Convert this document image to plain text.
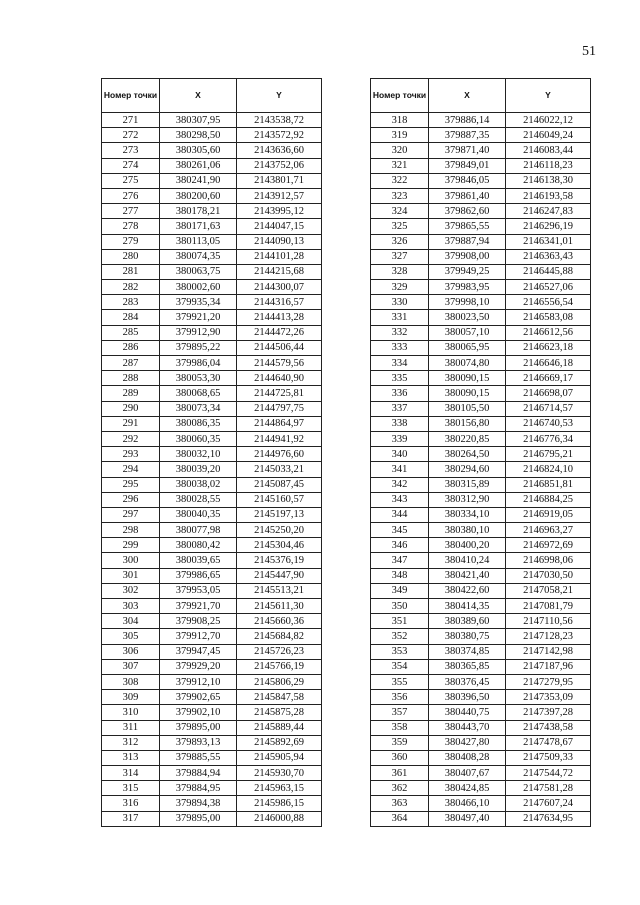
51
Номер точки	X	Y
271	380307,95	2143538,72
272	380298,50	2143572,92
273	380305,60	2143636,60
274	380261,06	2143752,06
275	380241,90	2143801,71
276	380200,60	2143912,57
277	380178,21	2143995,12
278	380171,63	2144047,15
279	380113,05	2144090,13
280	380074,35	2144101,28
281	380063,75	2144215,68
282	380002,60	2144300,07
283	379935,34	2144316,57
284	379921,20	2144413,28
285	379912,90	2144472,26
286	379895,22	2144506,44
287	379986,04	2144579,56
288	380053,30	2144640,90
289	380068,65	2144725,81
290	380073,34	2144797,75
291	380086,35	2144864,97
292	380060,35	2144941,92
293	380032,10	2144976,60
294	380039,20	2145033,21
295	380038,02	2145087,45
296	380028,55	2145160,57
297	380040,35	2145197,13
298	380077,98	2145250,20
299	380080,42	2145304,46
300	380039,65	2145376,19
301	379986,65	2145447,90
302	379953,05	2145513,21
303	379921,70	2145611,30
304	379908,25	2145660,36
305	379912,70	2145684,82
306	379947,45	2145726,23
307	379929,20	2145766,19
308	379912,10	2145806,29
309	379902,65	2145847,58
310	379902,10	2145875,28
311	379895,00	2145889,44
312	379893,13	2145892,69
313	379885,55	2145905,94
314	379884,94	2145930,70
315	379884,95	2145963,15
316	379894,38	2145986,15
317	379895,00	2146000,88
Номер точки	X	Y
318	379886,14	2146022,12
319	379887,35	2146049,24
320	379871,40	2146083,44
321	379849,01	2146118,23
322	379846,05	2146138,30
323	379861,40	2146193,58
324	379862,60	2146247,83
325	379865,55	2146296,19
326	379887,94	2146341,01
327	379908,00	2146363,43
328	379949,25	2146445,88
329	379983,95	2146527,06
330	379998,10	2146556,54
331	380023,50	2146583,08
332	380057,10	2146612,56
333	380065,95	2146623,18
334	380074,80	2146646,18
335	380090,15	2146669,17
336	380090,15	2146698,07
337	380105,50	2146714,57
338	380156,80	2146740,53
339	380220,85	2146776,34
340	380264,50	2146795,21
341	380294,60	2146824,10
342	380315,89	2146851,81
343	380312,90	2146884,25
344	380334,10	2146919,05
345	380380,10	2146963,27
346	380400,20	2146972,69
347	380410,24	2146998,06
348	380421,40	2147030,50
349	380422,60	2147058,21
350	380414,35	2147081,79
351	380389,60	2147110,56
352	380380,75	2147128,23
353	380374,85	2147142,98
354	380365,85	2147187,96
355	380376,45	2147279,95
356	380396,50	2147353,09
357	380440,75	2147397,28
358	380443,70	2147438,58
359	380427,80	2147478,67
360	380408,28	2147509,33
361	380407,67	2147544,72
362	380424,85	2147581,28
363	380466,10	2147607,24
364	380497,40	2147634,95
